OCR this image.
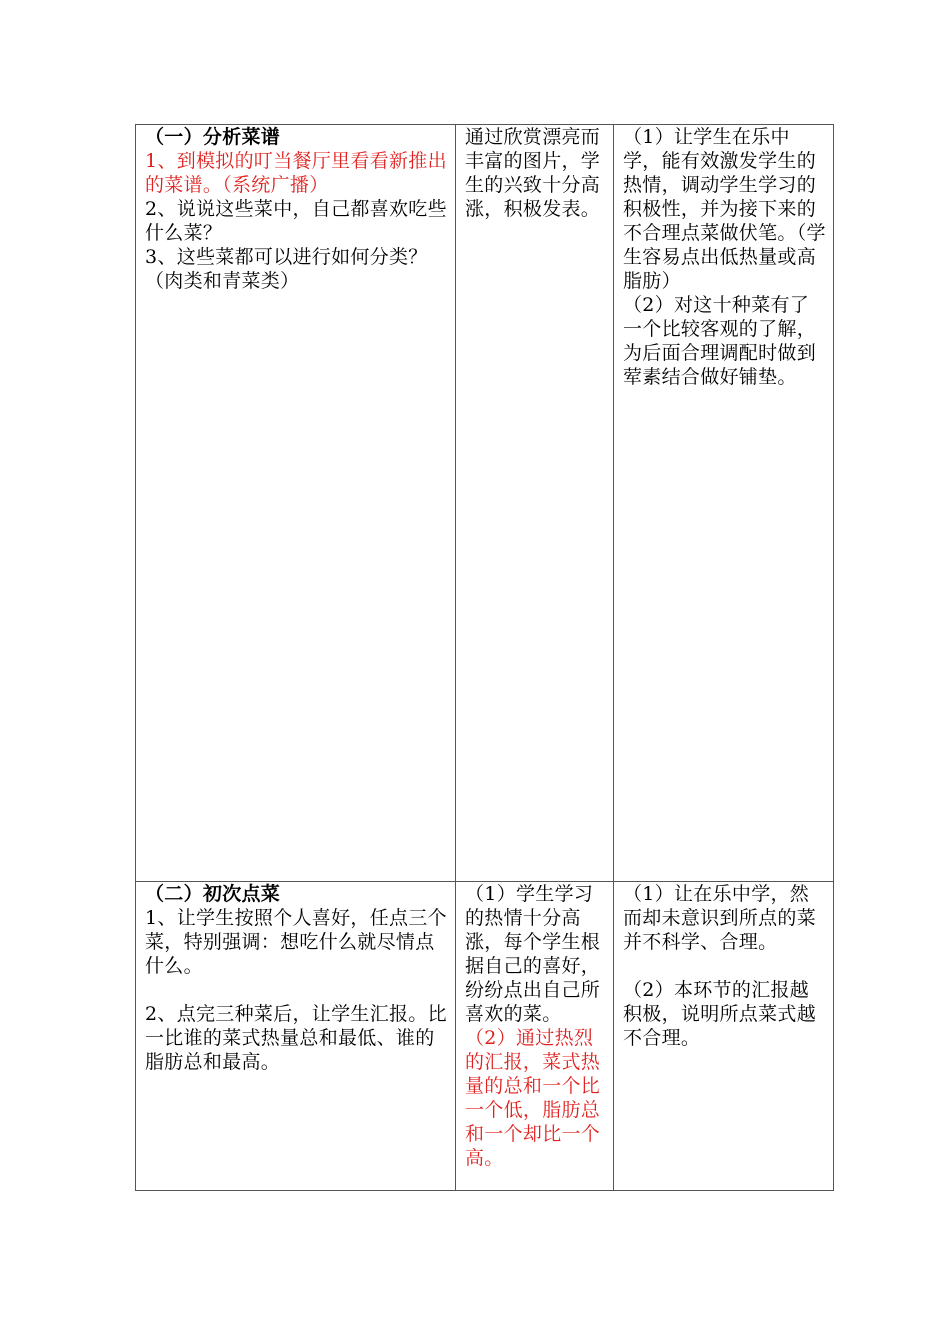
（一）分析菜谱
1、到模拟的叮当餐厅里看看新推出的菜谱。（系统广播）
2、说说这些菜中，自己都喜欢吃些什么菜？
3、这些菜都可以进行如何分类？（肉类和青菜类）	通过欣赏漂亮而丰富的图片，学生的兴致十分高涨，积极发表。	（1）让学生在乐中学，能有效激发学生的热情，调动学生学习的积极性，并为接下来的不合理点菜做伏笔。（学生容易点出低热量或高脂肪）
（2）对这十种菜有了一个比较客观的了解，为后面合理调配时做到荤素结合做好铺垫。

（二）初次点菜
1、让学生按照个人喜好，任点三个菜，特别强调：想吃什么就尽情点什么。
2、点完三种菜后，让学生汇报。比一比谁的菜式热量总和最低、谁的脂肪总和最高。	（1）学生学习的热情十分高涨，每个学生根据自己的喜好，纷纷点出自己所喜欢的菜。
（2）通过热烈的汇报，菜式热量的总和一个比一个低，脂肪总和一个却比一个高。	（1）让在乐中学，然而却未意识到所点的菜并不科学、合理。
（2）本环节的汇报越积极，说明所点菜式越不合理。
